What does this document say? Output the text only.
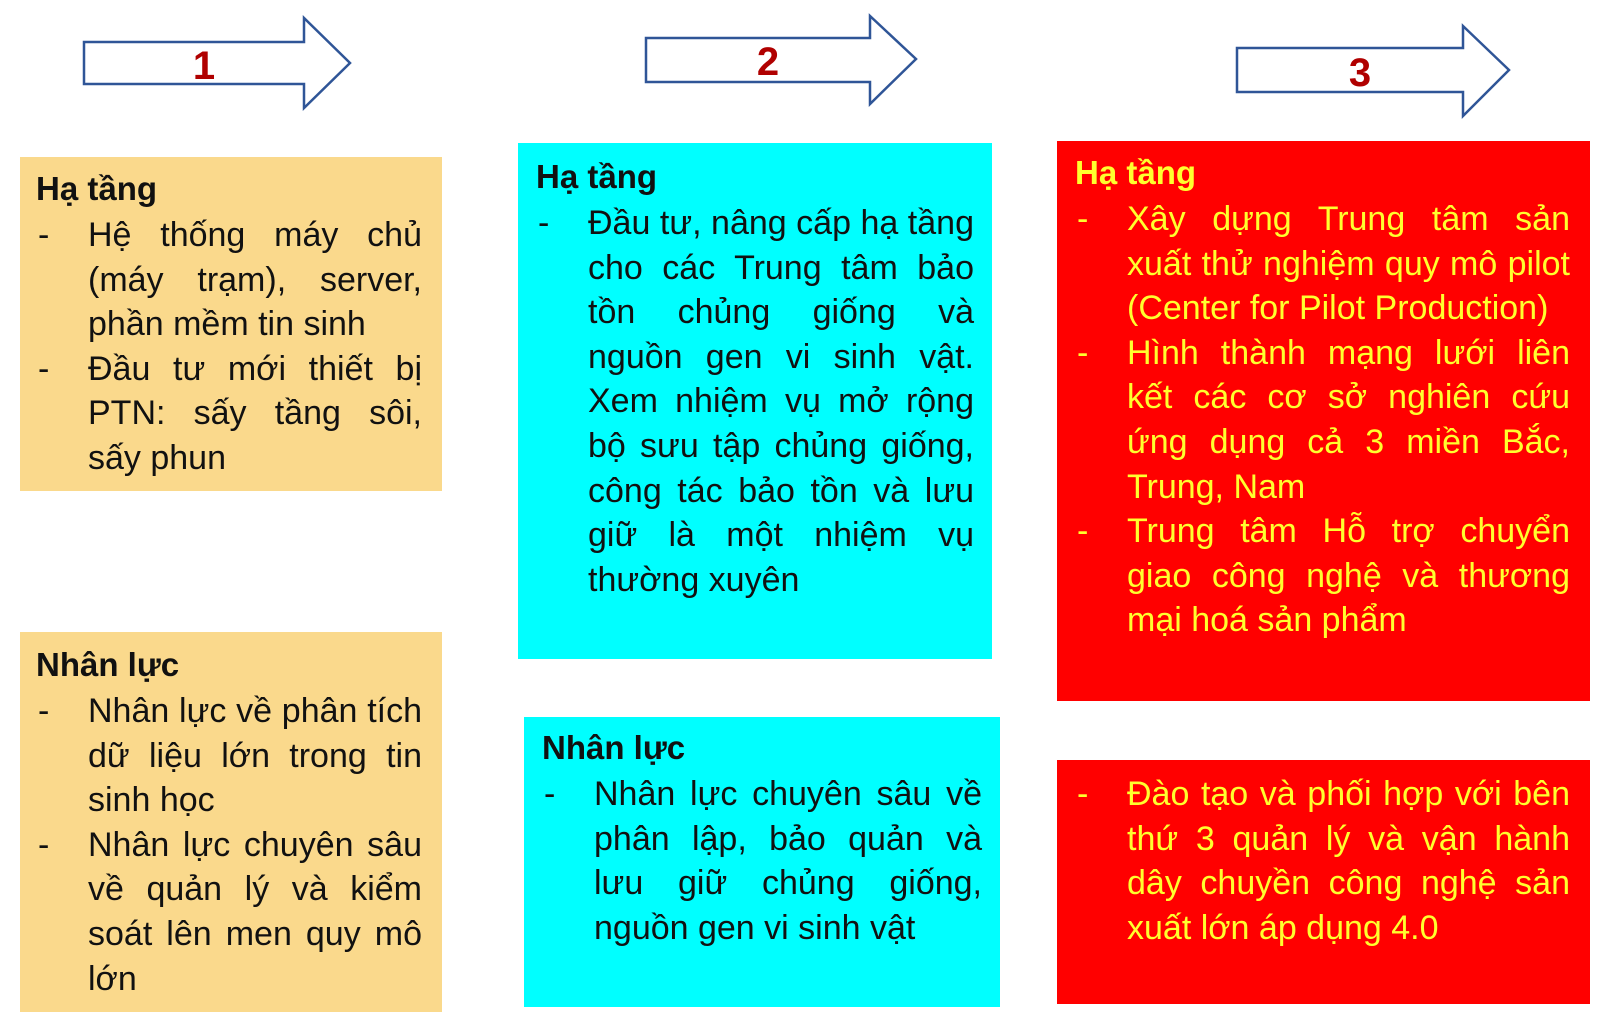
1	2	3
Hạ tầng
-	Hệ thống máy chủ (máy trạm), server, phần mềm tin sinh
-	Đầu tư mới thiết bị PTN: sấy tầng sôi, sấy phun
Nhân lực
-	Nhân lực về phân tích dữ liệu lớn trong tin sinh học
-	Nhân lực chuyên sâu về quản lý và kiểm soát lên men quy mô lớn
Hạ tầng
-	Đầu tư, nâng cấp hạ tầng cho các Trung tâm bảo tồn chủng giống và nguồn gen vi sinh vật. Xem nhiệm vụ mở rộng bộ sưu tập chủng giống, công tác bảo tồn và lưu giữ là một nhiệm vụ thường xuyên
Nhân lực
-	Nhân lực chuyên sâu về phân lập, bảo quản và lưu giữ chủng giống, nguồn gen vi sinh vật
Hạ tầng
-	Xây dựng Trung tâm sản xuất thử nghiệm quy mô pilot (Center for Pilot Production)
-	Hình thành mạng lưới liên kết các cơ sở nghiên cứu ứng dụng cả 3 miền Bắc, Trung, Nam
-	Trung tâm Hỗ trợ chuyển giao công nghệ và thương mại hoá sản phẩm
-	Đào tạo và phối hợp với bên thứ 3 quản lý và vận hành dây chuyền công nghệ sản xuất lớn áp dụng 4.0
